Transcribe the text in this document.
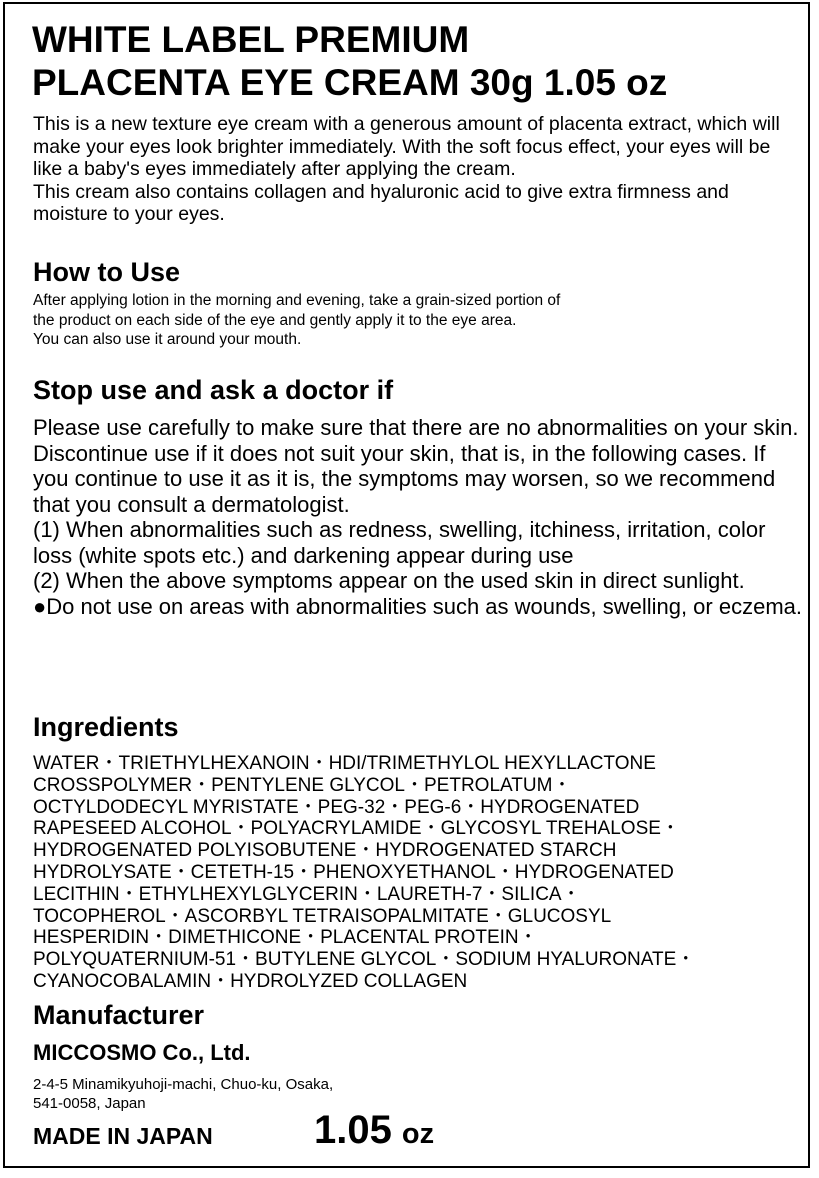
WHITE LABEL PREMIUM
PLACENTA EYE CREAM 30g 1.05 oz

This is a new texture eye cream with a generous amount of placenta extract, which will make your eyes look brighter immediately. With the soft focus effect, your eyes will be like a baby's eyes immediately after applying the cream.

This cream also contains collagen and hyaluronic acid to give extra firmness and moisture to your eyes.

How to Use
After applying lotion in the morning and evening, take a grain-sized portion of
the product on each side of the eye and gently apply it to the eye area.
You can also use it around your mouth.
Stop use and ask a doctor if

Please use carefully to make sure that there are no abnormalities on your skin. Discontinue use if it does not suit your skin, that is, in the following cases. If you continue to use it as it is, the symptoms may worsen, so we recommend that you consult a dermatologist.

(1) When abnormalities such as redness, swelling, itchiness, irritation, color loss (white spots etc.) and darkening appear during use

(2) When the above symptoms appear on the used skin in direct sunlight.

●Do not use on areas with abnormalities such as wounds, swelling, or eczema.

Ingredients
WATER・TRIETHYLHEXANOIN・HDI/TRIMETHYLOL HEXYLLACTONE
CROSSPOLYMER・PENTYLENE GLYCOL・PETROLATUM・
OCTYLDODECYL MYRISTATE・PEG-32・PEG-6・HYDROGENATED
RAPESEED ALCOHOL・POLYACRYLAMIDE・GLYCOSYL TREHALOSE・
HYDROGENATED POLYISOBUTENE・HYDROGENATED STARCH
HYDROLYSATE・CETETH-15・PHENOXYETHANOL・HYDROGENATED
LECITHIN・ETHYLHEXYLGLYCERIN・LAURETH-7・SILICA・
TOCOPHEROL・ASCORBYL TETRAISOPALMITATE・GLUCOSYL
HESPERIDIN・DIMETHICONE・PLACENTAL PROTEIN・
POLYQUATERNIUM-51・BUTYLENE GLYCOL・SODIUM HYALURONATE・
CYANOCOBALAMIN・HYDROLYZED COLLAGEN
Manufacturer
MICCOSMO Co., Ltd.
2-4-5 Minamikyuhoji-machi, Chuo-ku, Osaka,
541-0058, Japan
MADE IN JAPAN	1.05 oz
